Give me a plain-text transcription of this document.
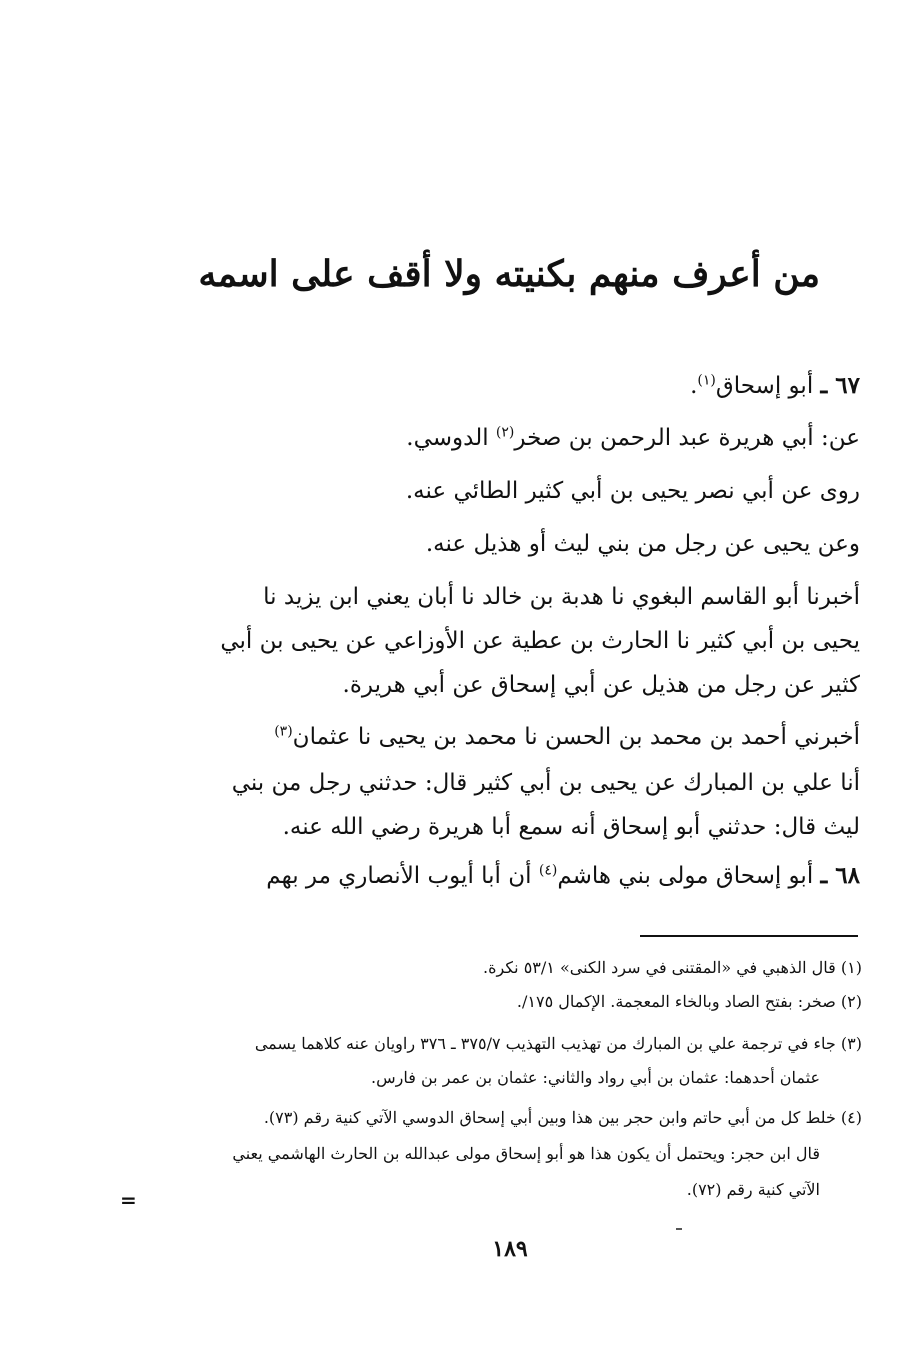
من أعرف منهم بكنيته ولا أقف على اسمه
٦٧ ـ أبو إسحاق$^{(١)}$.
عن: أبي هريرة عبد الرحمن بن صخر$^{(٢)}$ الدوسي.
روى عن أبي نصر يحيى بن أبي كثير الطائي عنه.
وعن يحيى عن رجل من بني ليث أو هذيل عنه.
أخبرنا أبو القاسم البغوي نا هدبة بن خالد نا أبان يعني ابن يزيد نا
يحيى بن أبي كثير نا الحارث بن عطية عن الأوزاعي عن يحيى بن أبي
كثير عن رجل من هذيل عن أبي إسحاق عن أبي هريرة.
أخبرني أحمد بن محمد بن الحسن نا محمد بن يحيى نا عثمان$^{(٣)}$
أنا علي بن المبارك عن يحيى بن أبي كثير قال: حدثني رجل من بني
ليث قال: حدثني أبو إسحاق أنه سمع أبا هريرة رضي الله عنه.
٦٨ ـ أبو إسحاق مولى بني هاشم$^{(٤)}$ أن أبا أيوب الأنصاري مر بهم
(١) قال الذهبي في «المقتنى في سرد الكنى» ٥٣/١ نكرة.
(٢) صخر: بفتح الصاد وبالخاء المعجمة. الإكمال ١٧٥/.
(٣) جاء في ترجمة علي بن المبارك من تهذيب التهذيب ٣٧٥/٧ ـ ٣٧٦ راويان عنه كلاهما يسمى
عثمان أحدهما: عثمان بن أبي رواد والثاني: عثمان بن عمر بن فارس.
(٤) خلط كل من أبي حاتم وابن حجر بين هذا وبين أبي إسحاق الدوسي الآتي كنية رقم (٧٣).
قال ابن حجر: ويحتمل أن يكون هذا هو أبو إسحاق مولى عبدالله بن الحارث الهاشمي يعني
الآتي كنية رقم (٧٢).
=
١٨٩
